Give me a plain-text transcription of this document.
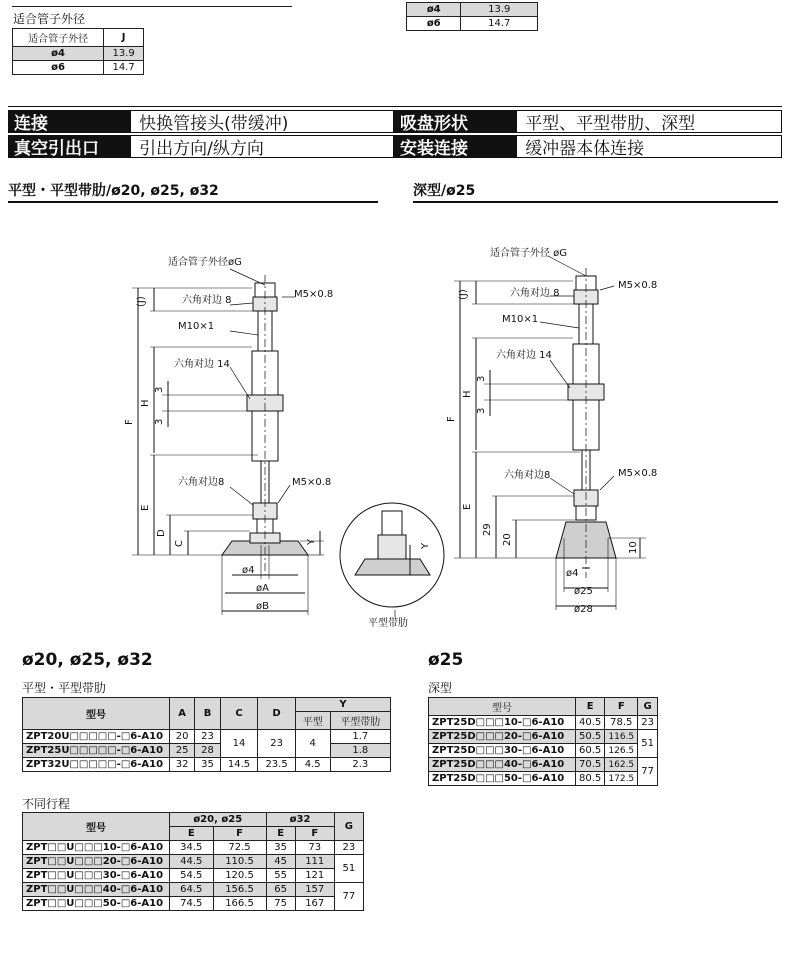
适合管子外径
适合管子外径	J
ø4	13.9
ø6	14.7
ø4	13.9
ø6	14.7
连接	快换管接头(带缓冲)	吸盘形状	平型、平型带肋、深型
真空引出口	引出方向/纵方向	安装连接	缓冲器本体连接
平型・平型带肋/ø20, ø25, ø32	深型/ø25
适合管子外径øG
六角对边 8
M5×0.8
M10×1
六角对边 14
六角对边8	M5×0.8
(J)
3
H
3
F
E
D
C	Y
Y
ø4
øA
øB
平型带肋
适合管子外径 øG
六角对边 8
M5×0.8
M10×1
六角对边 14
六角对边8	M5×0.8
(J)
3
H
3
F
E
29
20
10
ø4
ø25
ø28
ø20, ø25, ø32
平型・平型带肋
型号	A	B	C	D	Y	
					平型	平型带肋
ZPT20U□□□□□-□6-A10	20	23	14	23	4	1.7
ZPT25U□□□□□-□6-A10	25	28				1.8
ZPT32U□□□□□-□6-A10	32	35	14.5	23.5	4.5	2.3
不同行程
型号	ø20, ø25		ø32		G
	E	F	E	F	
ZPT□□U□□□10-□6-A10	34.5	72.5	35	73	23
ZPT□□U□□□20-□6-A10	44.5	110.5	45	111	51
ZPT□□U□□□30-□6-A10	54.5	120.5	55	121	
ZPT□□U□□□40-□6-A10	64.5	156.5	65	157	77
ZPT□□U□□□50-□6-A10	74.5	166.5	75	167	
ø25
深型
型号	E	F	G
ZPT25D□□□10-□6-A10	40.5	78.5	23
ZPT25D□□□20-□6-A10	50.5	116.5	51
ZPT25D□□□30-□6-A10	60.5	126.5	
ZPT25D□□□40-□6-A10	70.5	162.5	77
ZPT25D□□□50-□6-A10	80.5	172.5	
